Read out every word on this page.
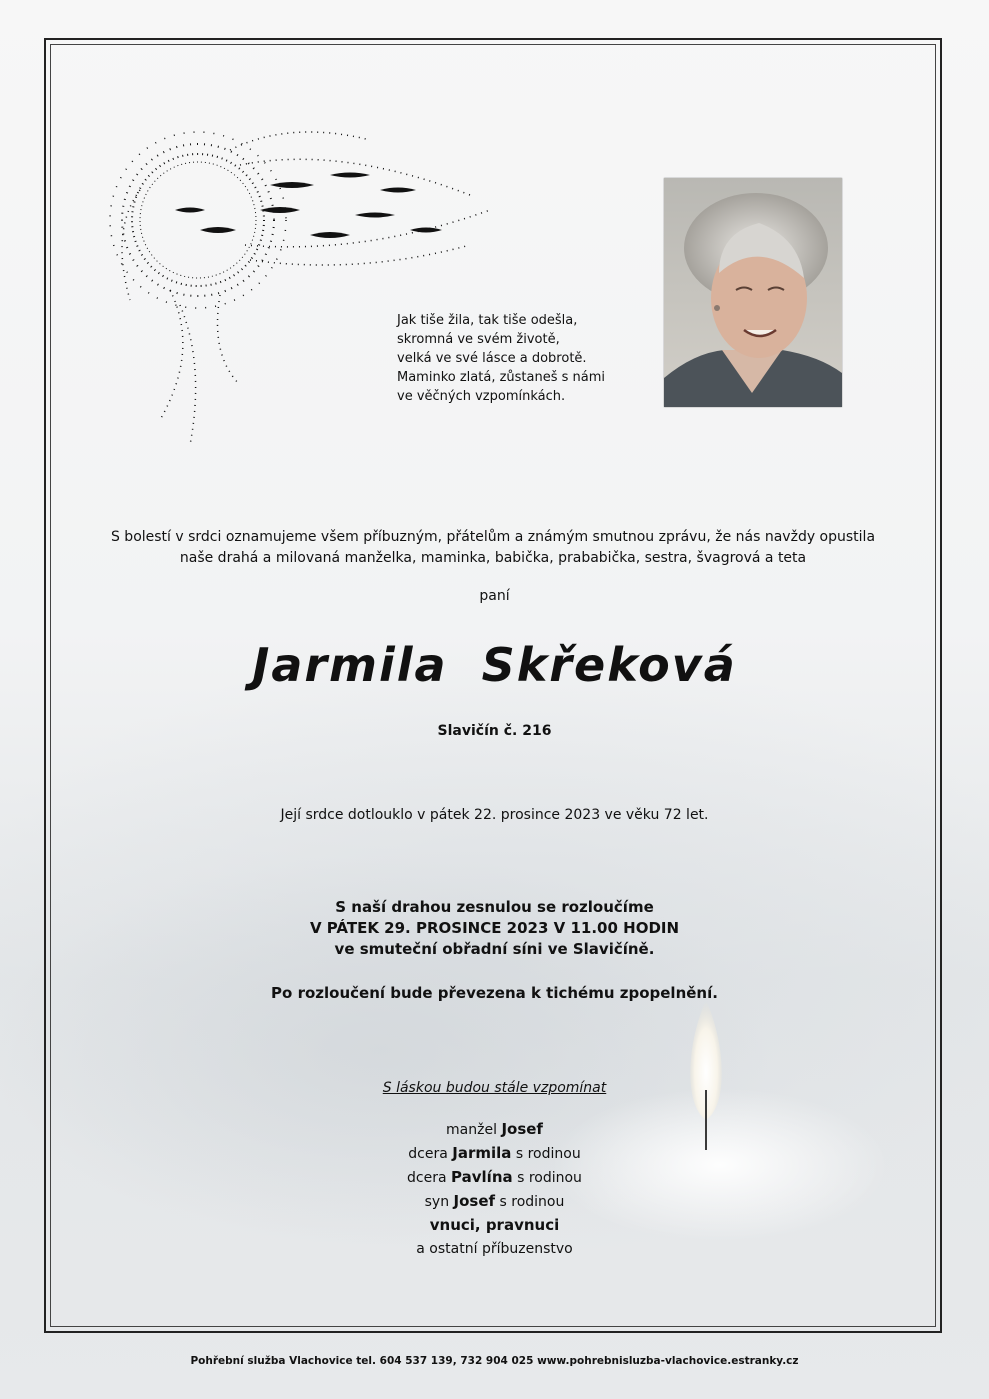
Jak tiše žila, tak tiše odešla,
skromná ve svém životě,
velká ve své lásce a dobrotě.
Maminko zlatá, zůstaneš s námi
ve věčných vzpomínkách.
S bolestí v srdci oznamujeme všem příbuzným, přátelům a známým smutnou zprávu, že nás navždy opustila
naše drahá a milovaná manželka, maminka, babička, prababička, sestra, švagrová a teta
paní
Jarmila Skřeková
Slavičín č. 216
Její srdce dotlouklo v pátek 22. prosince 2023 ve věku 72 let.
S naší drahou zesnulou se rozloučíme
V PÁTEK 29. PROSINCE 2023 V 11.00 HODIN
ve smuteční obřadní síni ve Slavičíně.
Po rozloučení bude převezena k tichému zpopelnění.
S láskou budou stále vzpomínat
manžel Josef
dcera Jarmila s rodinou
dcera Pavlína s rodinou
syn Josef s rodinou
vnuci, pravnuci
a ostatní příbuzenstvo
Pohřební služba Vlachovice tel. 604 537 139, 732 904 025 www.pohrebnisluzba-vlachovice.estranky.cz
